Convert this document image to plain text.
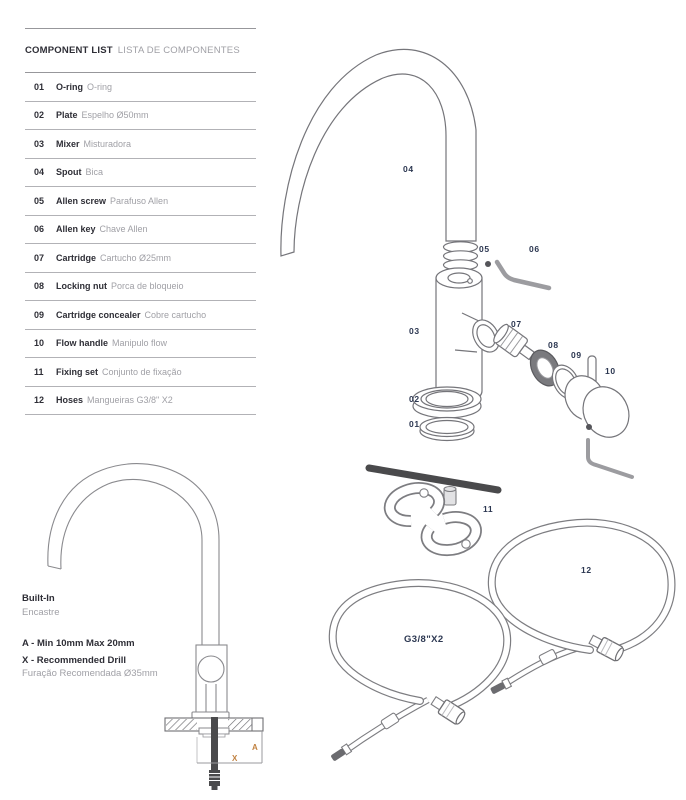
COMPONENT LIST LISTA DE COMPONENTES
01	O-ring O-ring
02	Plate Espelho Ø50mm
03	Mixer Misturadora
04	Spout Bica
05	Allen screw Parafuso Allen
06	Allen key Chave Allen
07	Cartridge Cartucho Ø25mm
08	Locking nut Porca de bloqueio
09	Cartridge concealer Cobre cartucho
10	Flow handle Manipulo flow
11	Fixing set Conjunto de fixação
12	Hoses Mangueiras G3/8" X2
Built-In
Encastre
A - Min 10mm Max 20mm
X - Recommended Drill
Furação Recomendada Ø35mm
A
X
04
05	06
03
07
08
09
10
02
01
11
12
G3/8"X2
